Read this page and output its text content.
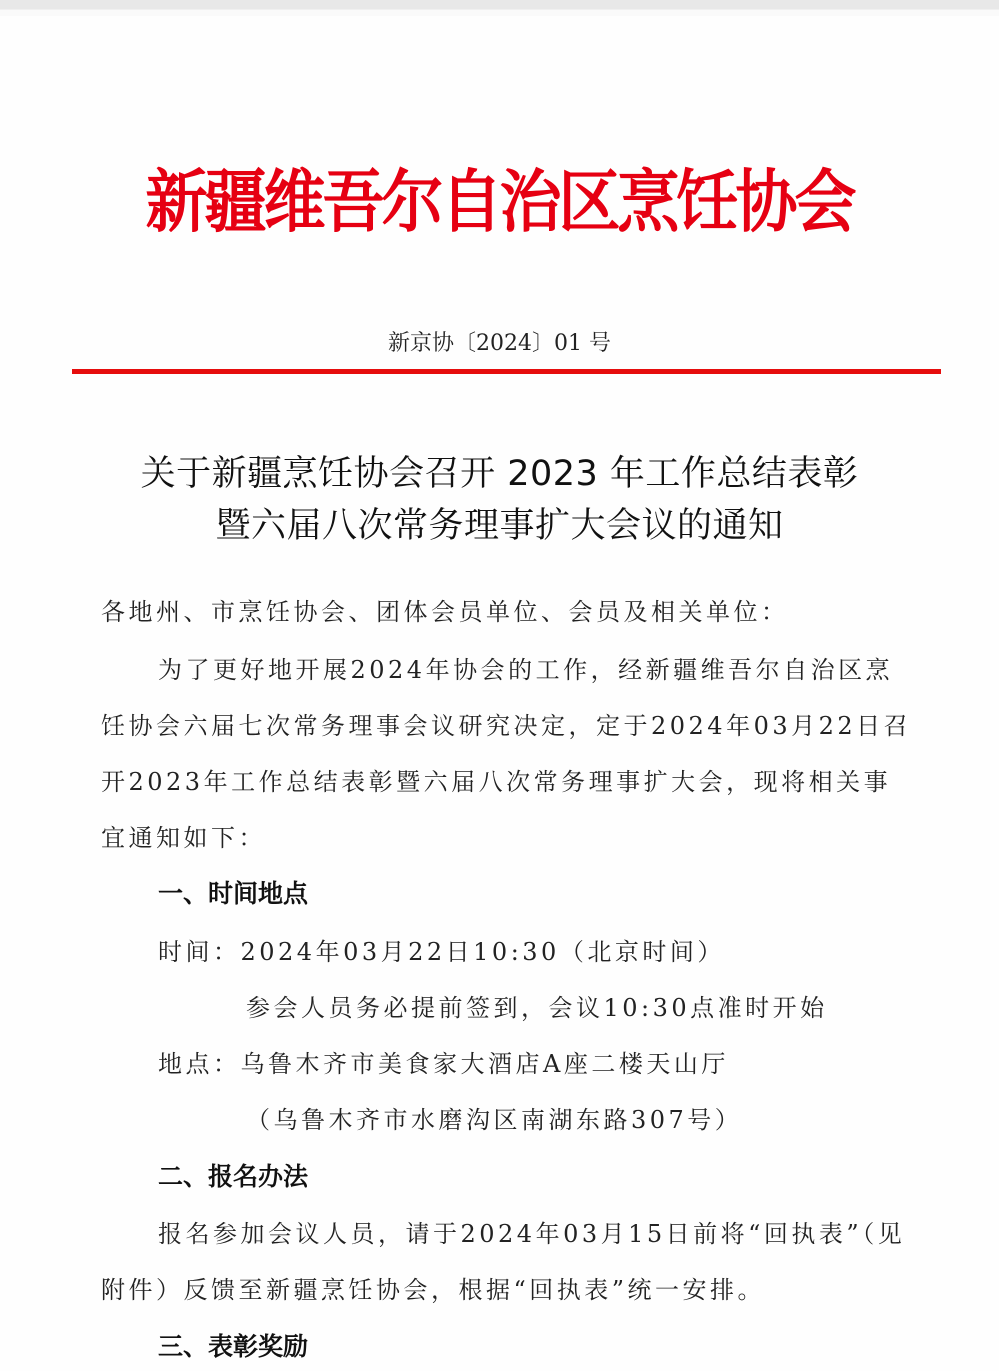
新疆维吾尔自治区烹饪协会
新京协〔2024〕01 号
关于新疆烹饪协会召开 2023 年工作总结表彰
暨六届八次常务理事扩大会议的通知
各地州、市烹饪协会、团体会员单位、会员及相关单位：
为了更好地开展2024年协会的工作，经新疆维吾尔自治区烹
饪协会六届七次常务理事会议研究决定，定于2024年03月22日召
开2023年工作总结表彰暨六届八次常务理事扩大会，现将相关事
宜通知如下：
一、时间地点
时间：2024年03月22日10:30（北京时间）
参会人员务必提前签到，会议10:30点准时开始
地点：乌鲁木齐市美食家大酒店A座二楼天山厅
（乌鲁木齐市水磨沟区南湖东路307号）
二、报名办法
报名参加会议人员，请于2024年03月15日前将“回执表”（见
附件）反馈至新疆烹饪协会，根据“回执表”统一安排。
三、表彰奖励
